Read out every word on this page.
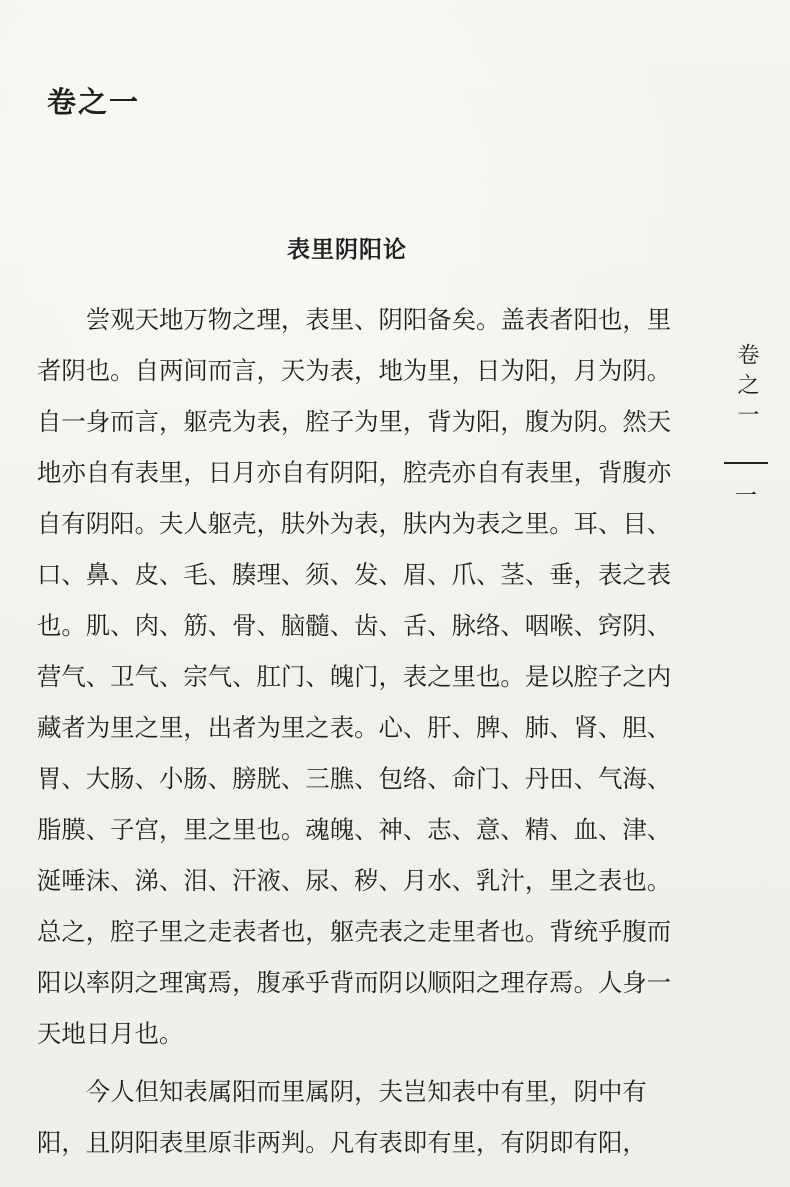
卷之一
表里阴阳论

尝观天地万物之理，表里、阴阳备矣。盖表者阳也，里者阴也。自两间而言，天为表，地为里，日为阳，月为阴。自一身而言，躯壳为表，腔子为里，背为阳，腹为阴。然天地亦自有表里，日月亦自有阴阳，腔壳亦自有表里，背腹亦自有阴阳。夫人躯壳，肤外为表，肤内为表之里。耳、目、口、鼻、皮、毛、腠理、须、发、眉、爪、茎、垂，表之表也。肌、肉、筋、骨、脑髓、齿、舌、脉络、咽喉、窍阴、营气、卫气、宗气、肛门、魄门，表之里也。是以腔子之内藏者为里之里，出者为里之表。心、肝、脾、肺、肾、胆、胃、大肠、小肠、膀胱、三膲、包络、命门、丹田、气海、脂膜、子宫，里之里也。魂魄、神、志、意、精、血、津、涎唾沫、涕、泪、汗液、尿、秽、月水、乳汁，里之表也。总之，腔子里之走表者也，躯壳表之走里者也。背统乎腹而阳以率阴之理寓焉，腹承乎背而阴以顺阳之理存焉。人身一天地日月也。

今人但知表属阳而里属阴，夫岂知表中有里，阴中有阳，且阴阳表里原非两判。凡有表即有里，有阴即有阳，

卷之一
一
